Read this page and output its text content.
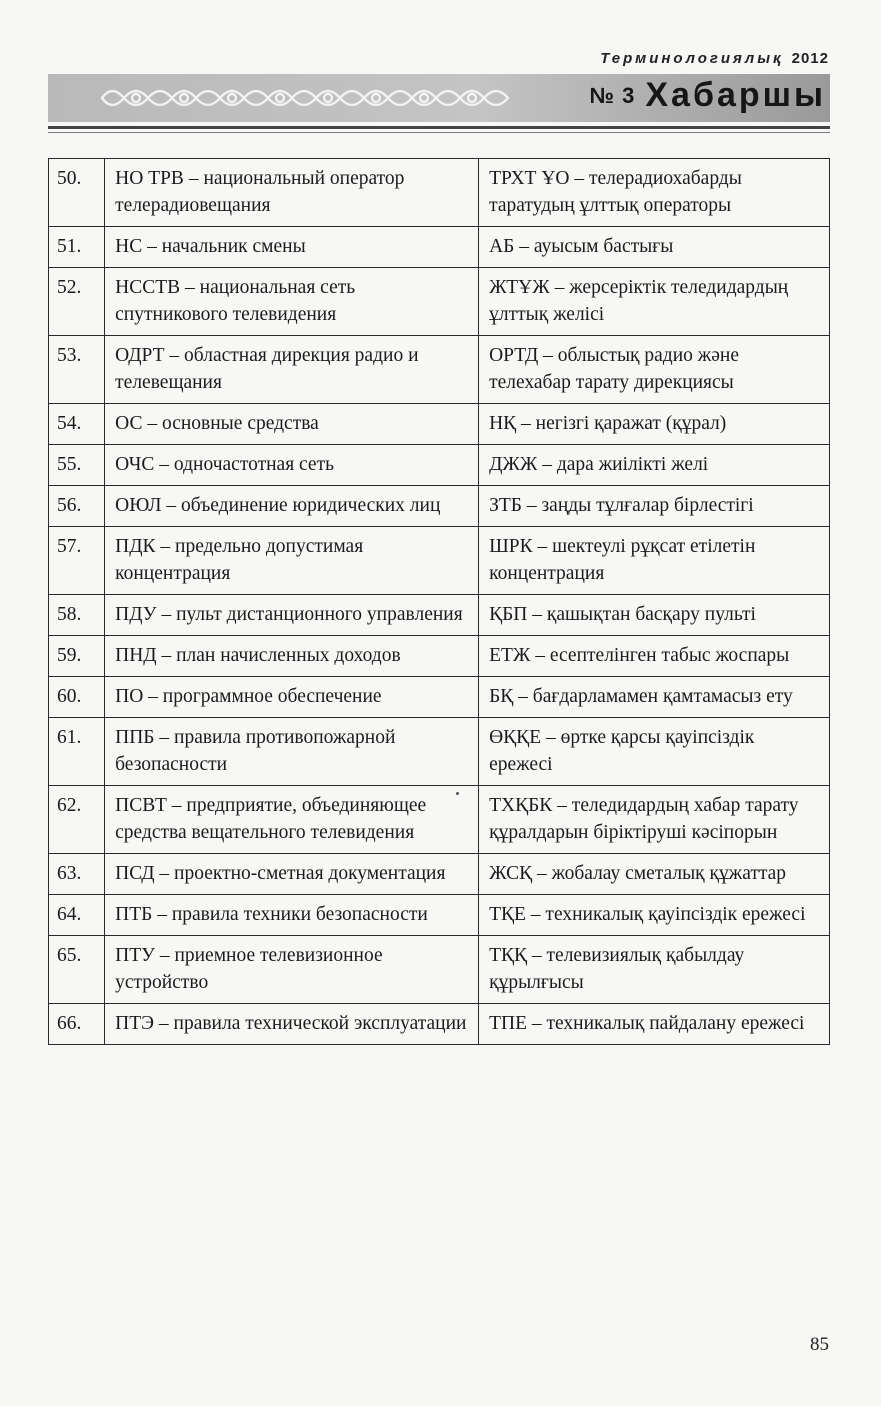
Терминологиялық 2012
№ 3 Хабаршы
50.	НО ТРВ – национальный оператор телерадиовещания	ТРХТ ҰО – телерадиохабарды таратудың ұлттық операторы
51.	НС – начальник смены	АБ – ауысым бастығы
52.	НССТВ – национальная сеть спутникового телевидения	ЖТҰЖ – жерсеріктік теледидардың ұлттық желісі
53.	ОДРТ – областная дирекция радио и телевещания	ОРТД – облыстық радио және телехабар тарату дирекциясы
54.	ОС – основные средства	НҚ – негізгі қаражат (құрал)
55.	ОЧС – одночастотная сеть	ДЖЖ – дара жиілікті желі
56.	ОЮЛ – объединение юридических лиц	ЗТБ – заңды тұлғалар бірлестігі
57.	ПДК – предельно допустимая концентрация	ШРК – шектеулі рұқсат етілетін концентрация
58.	ПДУ – пульт дистанционного управления	ҚБП – қашықтан басқару пульті
59.	ПНД – план начисленных доходов	ЕТЖ – есептелінген табыс жоспары
60.	ПО – программное обеспечение	БҚ – бағдарламамен қамтамасыз ету
61.	ППБ – правила противопожарной безопасности	ӨҚҚЕ – өртке қарсы қауіпсіздік ережесі
62.	ПСВТ – предприятие, объединяющее средства вещательного телевидения	ТХҚБК – теледидардың хабар тарату құралдарын біріктіруші кәсіпорын
63.	ПСД – проектно-сметная документация	ЖСҚ – жобалау сметалық құжаттар
64.	ПТБ – правила техники безопасности	ТҚЕ – техникалық қауіпсіздік ережесі
65.	ПТУ – приемное телевизионное устройство	ТҚҚ – телевизиялық қабылдау құрылғысы
66.	ПТЭ – правила технической эксплуатации	ТПЕ – техникалық пайдалану ережесі
85
